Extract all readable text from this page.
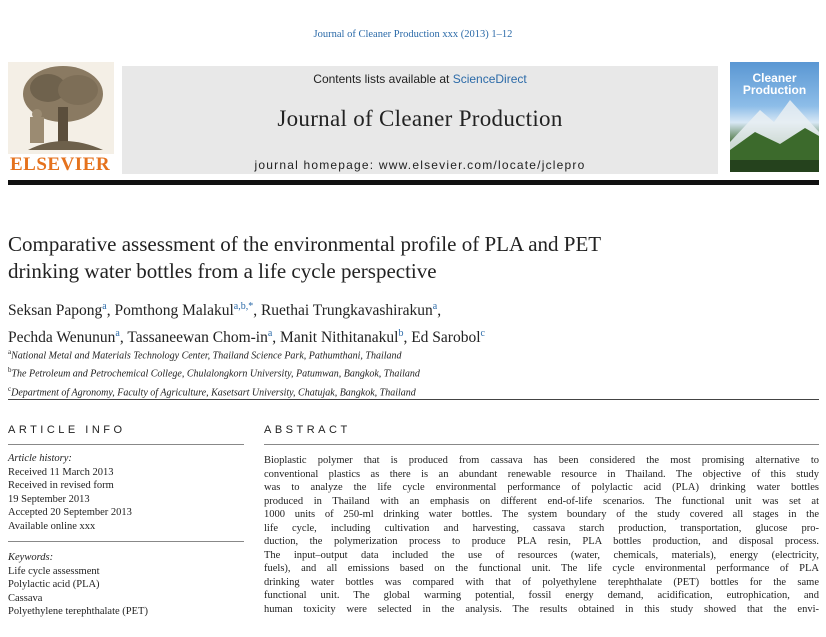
Journal of Cleaner Production xxx (2013) 1–12
ELSEVIER
Contents lists available at ScienceDirect
Journal of Cleaner Production
journal homepage: www.elsevier.com/locate/jclepro
Cleaner
Production
Comparative assessment of the environmental profile of PLA and PET
drinking water bottles from a life cycle perspective
Seksan Papong$^a$, Pomthong Malakul$^{a,b,*}$, Ruethai Trungkavashirakun$^a$,
Pechda Wenunun$^a$, Tassaneewan Chom-$in^a$, Manit Nithitanakul$^b$, Ed Sarobol$^c$
$^a$National Metal and Materials Technology Center, Thailand Science Park, Pathumthani, Thailand
$^b$The Petroleum and Petrochemical College, Chulalongkorn University, Patumwan, Bangkok, Thailand
$^c$Department of Agronomy, Faculty of Agriculture, Kasetsart University, Chatujak, Bangkok, Thailand
ARTICLE INFO
Article history:
Received 11 March 2013
Received in revised form
19 September 2013
Accepted 20 September 2013
Available online xxx
Keywords:
Life cycle assessment
Polylactic acid (PLA)
Cassava
Polyethylene terephthalate (PET)
ABSTRACT
Bioplastic polymer that is produced from cassava has been considered the most promising alternative to
conventional plastics as there is an abundant renewable resource in Thailand. The objective of this study
was to analyze the life cycle environmental performance of polylactic acid (PLA) drinking water bottles
produced in Thailand with an emphasis on different end-of-life scenarios. The functional unit was set at
1000 units of 250-ml drinking water bottles. The system boundary of the study covered all stages in the
life cycle, including cultivation and harvesting, cassava starch production, transportation, glucose pro-
duction, the polymerization process to produce PLA resin, PLA bottles production, and disposal process.
The input–output data included the use of resources (water, chemicals, materials), energy (electricity,
fuels), and all emissions based on the functional unit. The life cycle environmental performance of PLA
drinking water bottles was compared with that of polyethylene terephthalate (PET) bottles for the same
functional unit. The global warming potential, fossil energy demand, acidification, eutrophication, and
human toxicity were selected in the analysis. The results obtained in this study showed that the envi-
